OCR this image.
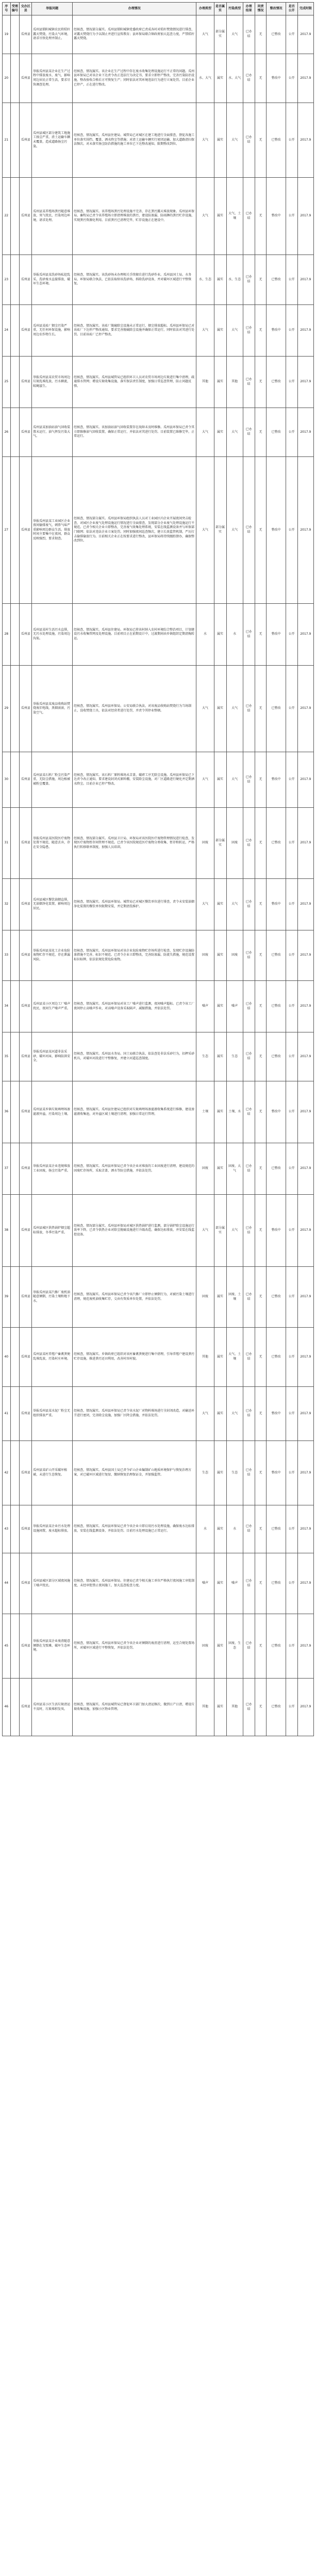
序号	受理编号	交办区县	举报问题	办理情况	办理类型	是否属实	污染类型	办理结果	问责情况	整改情况	是否公开	完成时限
19		瓜州县	瓜州县锁阳城镇农民将秸秆露天焚烧，污染大气环境，请求尽快处理并制止。	经核查，情况部分属实。瓜州县锁阳城镇党委政府已责成各村对秸秆焚烧情况进行排查，对露天焚烧行为予以制止并进行宣传教育；县环保局联合镇政府加大巡查力度，严禁秸秆露天焚烧。	大气	部分属实	大气	已办结	无	已整改	公开	2017.9
20		瓜州县	举报瓜州县某企业在生产过程中排放废水、废气，影响周边居民正常生活，要求尽快调查处理。	经核查，情况属实。该企业在生产过程中存在废水收集处理设施运行不正常的问题。瓜州县环保局已对该企业下达责令改正违法行为决定书，要求立即停产整改，完善污染防治设施，整改验收合格后方可恢复生产；同时依法对其环境违法行为进行立案处罚。目前企业已停产，正在进行整改。	水、大气	属实	水、大气	已办结	无	整改中	公开	2017.9
21		瓜州县	瓜州县城区部分建筑工地施工扬尘严重，渣土运输车辆未覆盖，造成道路扬尘污染。	经核查，情况属实。瓜州县住建局、城管局已对城区在建工地进行全面排查，督促各施工单位落实围挡、覆盖、洒水降尘等措施；对渣土运输车辆实行密闭运输，加大道路清扫保洁频次。对未落实扬尘防治措施的施工单位已下达整改通知，限期整改到位。	大气	属实	大气	已办结	无	已整改	公开	2017.9
22		瓜州县	瓜州县某养殖场粪污随意堆放，臭气扰民，污染周边环境，请求处理。	经核查，情况属实。该养殖场粪污处理设施不完善，存在粪污露天堆放现象。瓜州县环保局、畜牧局已责令该养殖场立即清理堆放的粪污，建设防渗漏、防雨淋的粪污贮存设施，实现粪污资源化利用。目前粪污已清理完毕，贮存设施正在建设中。	大气	属实	大气、土壤	已办结	无	整改中	公开	2017.9
23		瓜州县	举报瓜州县某洗砂场私挖乱采，洗砂废水直接排放，破坏生态环境。	经核查，情况属实。该洗砂场未办理相关手续擅自进行洗砂作业。瓜州县国土局、水务局、环保局联合执法，已依法取缔该洗砂场，拆除洗砂设备，并对破坏区域进行平整恢复。	水、生态	属实	水、生态	已办结	无	已整改	公开	2017.9
24		瓜州县	瓜州县某砖厂烟尘污染严重，无任何环保设施，影响周边农作物生长。	经核查，情况属实。该砖厂脱硫除尘设施未正常运行，烟尘排放超标。瓜州县环保局已对该砖厂下达停产整改通知，要求完善脱硫除尘设施并确保正常运行，同时依法对其进行处罚。目前该砖厂已停产整改。	大气	属实	大气	已办结	无	整改中	公开	2017.9
25		瓜州县	举报瓜州县某农贸市场周边垃圾乱堆乱放，污水横流，蚊蝇滋生。	经核查，情况属实。瓜州县城管局已组织环卫人员对农贸市场周边垃圾进行集中清理，疏通排水管网；增设垃圾收集设施，落实保洁责任制度，加强日常巡查管理，防止问题反弹。	其他	属实	其他	已办结	无	已整改	公开	2017.9
26		瓜州县	瓜州县某加油站油气回收装置未运行，油气挥发污染大气。	经核查，情况属实。该加油站油气回收装置存在故障未及时维修。瓜州县环保局已责令其立即维修油气回收装置，确保正常运行，并依法对其进行处罚。目前装置已维修完毕，正常运行。	大气	属实	大气	已办结	无	已整改	公开	2017.9
27		瓜州县	举报瓜州县某工业园区企业夜间偷排废气，刺鼻气味严重影响周边群众生活。排放时间主要集中在夜间，群众反映强烈，要求彻查。	经核查，情况部分属实。瓜州县环保局组织执法人员对工业园区内企业开展夜间突击检查，对园区企业废气处理设施运行情况进行全面排查，发现部分企业废气处理设施运行不规范。已责令相关企业立即整改，完善废气收集处理系统，安装在线监测设备并与环保部门联网；依法对违法企业立案处罚。同时加强夜间巡查频次，建立长效监管机制，严厉打击偷排偷放行为。目前相关企业正在按要求进行整改，县环保局将持续跟踪督办，确保整改到位。	大气	部分属实	大气	已办结	无	整改中	公开	2017.9
28		瓜州县	瓜州县某村生活污水直排，无污水处理设施，污染周边沟渠。	经核查，情况属实。瓜州县住建局、环保局已将该村纳入农村环境综合整治项目，计划建设污水收集管网及处理设施。目前项目正在前期设计中，过渡期间由乡镇组织定期清掏转运。	水	属实	水	已办结	无	整改中	公开	2017.9
29		瓜州县	举报瓜州县某废品收购站焚烧废旧电线，黑烟滚滚，污染空气。	经核查，情况属实。瓜州县环保局、公安局联合执法，对该废品收购站焚烧行为当场制止，没收焚烧工具，依法对经营者进行处罚，并责令其停业整顿。	大气	属实	大气	已办结	无	已整改	公开	2017.9
30		瓜州县	瓜州县某石料厂粉尘污染严重，无防尘措施，周边植被被粉尘覆盖。	经核查，情况属实。该石料厂原料堆场未苫盖，破碎工序无除尘设施。瓜州县环保局已下达责令改正通知，要求建设封闭式原料棚，安装除尘设施，对厂区道路进行硬化并定期洒水降尘。目前企业已停产整改。	大气	属实	大气	已办结	无	整改中	公开	2017.9
31		瓜州县	举报瓜州县某医院医疗废物处置不规范，随意丢弃，存在安全隐患。	经核查，情况部分属实。瓜州县卫计局、环保局对该医院医疗废物管理情况进行检查，发现医疗废物暂存间管理不规范。已责令该医院规范医疗废物分类收集、暂存和转运，严格执行转移联单制度，加强人员培训。	固废	部分属实	固废	已办结	无	已整改	公开	2017.9
32		瓜州县	瓜州县城区餐饮油烟直排，无油烟净化装置，影响周边居民。	经核查，情况属实。瓜州县环保局、城管局已对城区餐饮单位进行排查，责令未安装油烟净化装置的餐饮单位限期安装，并定期清洗维护。	大气	属实	大气	已办结	无	整改中	公开	2017.9
33		瓜州县	举报瓜州县某化工企业危险废物贮存不规范，存在泄漏风险。	经核查，情况属实。瓜州县环保局对该企业危险废物贮存场所进行检查，发现贮存设施防渗措施不完善、标识不规范。已责令企业立即整改，完善防渗漏、防流失措施，规范设置标识标牌，依法依规处置危险废物。	固废	属实	固废	已办结	无	已整改	公开	2017.9
34		瓜州县	瓜州县某小区周边工厂噪声扰民，夜间生产噪声严重。	经核查，情况属实。瓜州县环保局对该工厂噪声进行监测，夜间噪声超标。已责令该工厂夜间停止高噪声作业，对高噪声设备采取隔声、减振措施，并依法处罚。	噪声	属实	噪声	已办结	无	已整改	公开	2017.9
35		瓜州县	举报瓜州县某河道非法采砂，破坏河床，影响防洪安全。	经核查，情况属实。瓜州县水务局、国土局联合执法，依法查处非法采砂行为，扣押采砂机具，对破坏河段进行平整修复，并建立河道巡查制度。	生态	属实	生态	已办结	无	已整改	公开	2017.9
36		瓜州县	瓜州县某乡镇垃圾填埋场渗滤液外溢，污染周边土壤。	经核查，情况属实。瓜州县住建局已组织对垃圾填埋场渗滤液收集系统进行维修，建设渗滤液收集池，对外溢区域土壤进行清理，加强日常运行管理。	土壤	属实	土壤、水	已办结	无	整改中	公开	2017.9
37		瓜州县	举报瓜州县某企业违规堆放工业固废，扬尘污染严重。	经核查，情况属实。瓜州县环保局已责令该企业对堆放的工业固废进行清理，建设规范的固废贮存场所，采取苫盖、洒水等防尘措施，并依法处罚。	固废	属实	固废、大气	已办结	无	已整改	公开	2017.9
38		瓜州县	瓜州县城区供热锅炉烟尘超标排放，冬季污染严重。	经核查，情况部分属实。瓜州县环保局对城区供热锅炉进行监测，部分锅炉除尘设施运行效率下降。已责令供热企业对除尘脱硫设施进行升级改造，确保达标排放，并安装在线监控设备。	大气	部分属实	大气	已办结	无	整改中	公开	2017.9
39		瓜州县	举报瓜州县某汽修厂废机油随意倾倒，污染土壤和地下水。	经核查，情况属实。瓜州县环保局已责令该汽修厂立即停止倾倒行为，对被污染土壤进行清理，规范废机油收集贮存，交由有资质单位处置，并依法处罚。	固废	属实	固废、土壤	已办结	无	已整改	公开	2017.9
40		瓜州县	瓜州县某村养殖户畜禽粪便乱堆乱放，污染村庄环境。	经核查，情况属实。乡镇政府已组织对该村畜禽粪便进行集中清理，引导养殖户建设粪污贮存设施，推进粪污还田利用，改善村容村貌。	其他	属实	大气、土壤	已办结	无	已整改	公开	2017.9
41		瓜州县	举报瓜州县某水泥厂粉尘无组织排放严重。	经核查，情况属实。瓜州县环保局已责令该水泥厂对物料堆场进行全封闭改造，对输送环节进行密闭，完善除尘设施，加强厂区降尘措施，并依法处罚。	大气	属实	大气	已办结	无	整改中	公开	2017.9
42		瓜州县	瓜州县某矿山开采破坏植被，未进行生态恢复。	经核查，情况属实。瓜州县国土局已责令矿山企业编制矿山地质环境保护与恢复治理方案，对已破坏区域进行复绿，缴纳恢复治理保证金，并加强监管。	生态	属实	生态	已办结	无	整改中	公开	2017.9
43		瓜州县	举报瓜州县某企业污水处理设施闲置，废水超标排放。	经核查，情况属实。瓜州县环保局已责令该企业立即启用污水处理设施，确保废水达标排放，安装在线监测设备，并依法处罚。目前污水处理设施已正常运行。	水	属实	水	已办结	无	已整改	公开	2017.9
44		瓜州县	瓜州县城区部分区域夜间施工噪声扰民。	经核查，情况属实。瓜州县环保局、住建局已责令相关施工单位严格执行夜间施工审批制度，未经审批禁止夜间施工，加大巡查检查力度。	噪声	属实	噪声	已办结	无	已整改	公开	2017.9
45		瓜州县	举报瓜州县某企业废渣随意倾倒在戈壁滩，破坏生态环境。	经核查，情况属实。瓜州县环保局已责令该企业对倾倒的废渣进行清理，运至合规处置场所，对破坏区域进行平整恢复，并依法处罚。	固废	属实	固废、生态	已办结	无	已整改	公开	2017.9
46		瓜州县	瓜州县某小区生活垃圾清运不及时，垃圾堆积发臭。	经核查，情况属实。瓜州县城管局已督促环卫部门加大清运频次，做到日产日清，增设垃圾收集设施，加强小区物业管理。	其他	属实	其他	已办结	无	已整改	公开	2017.9
